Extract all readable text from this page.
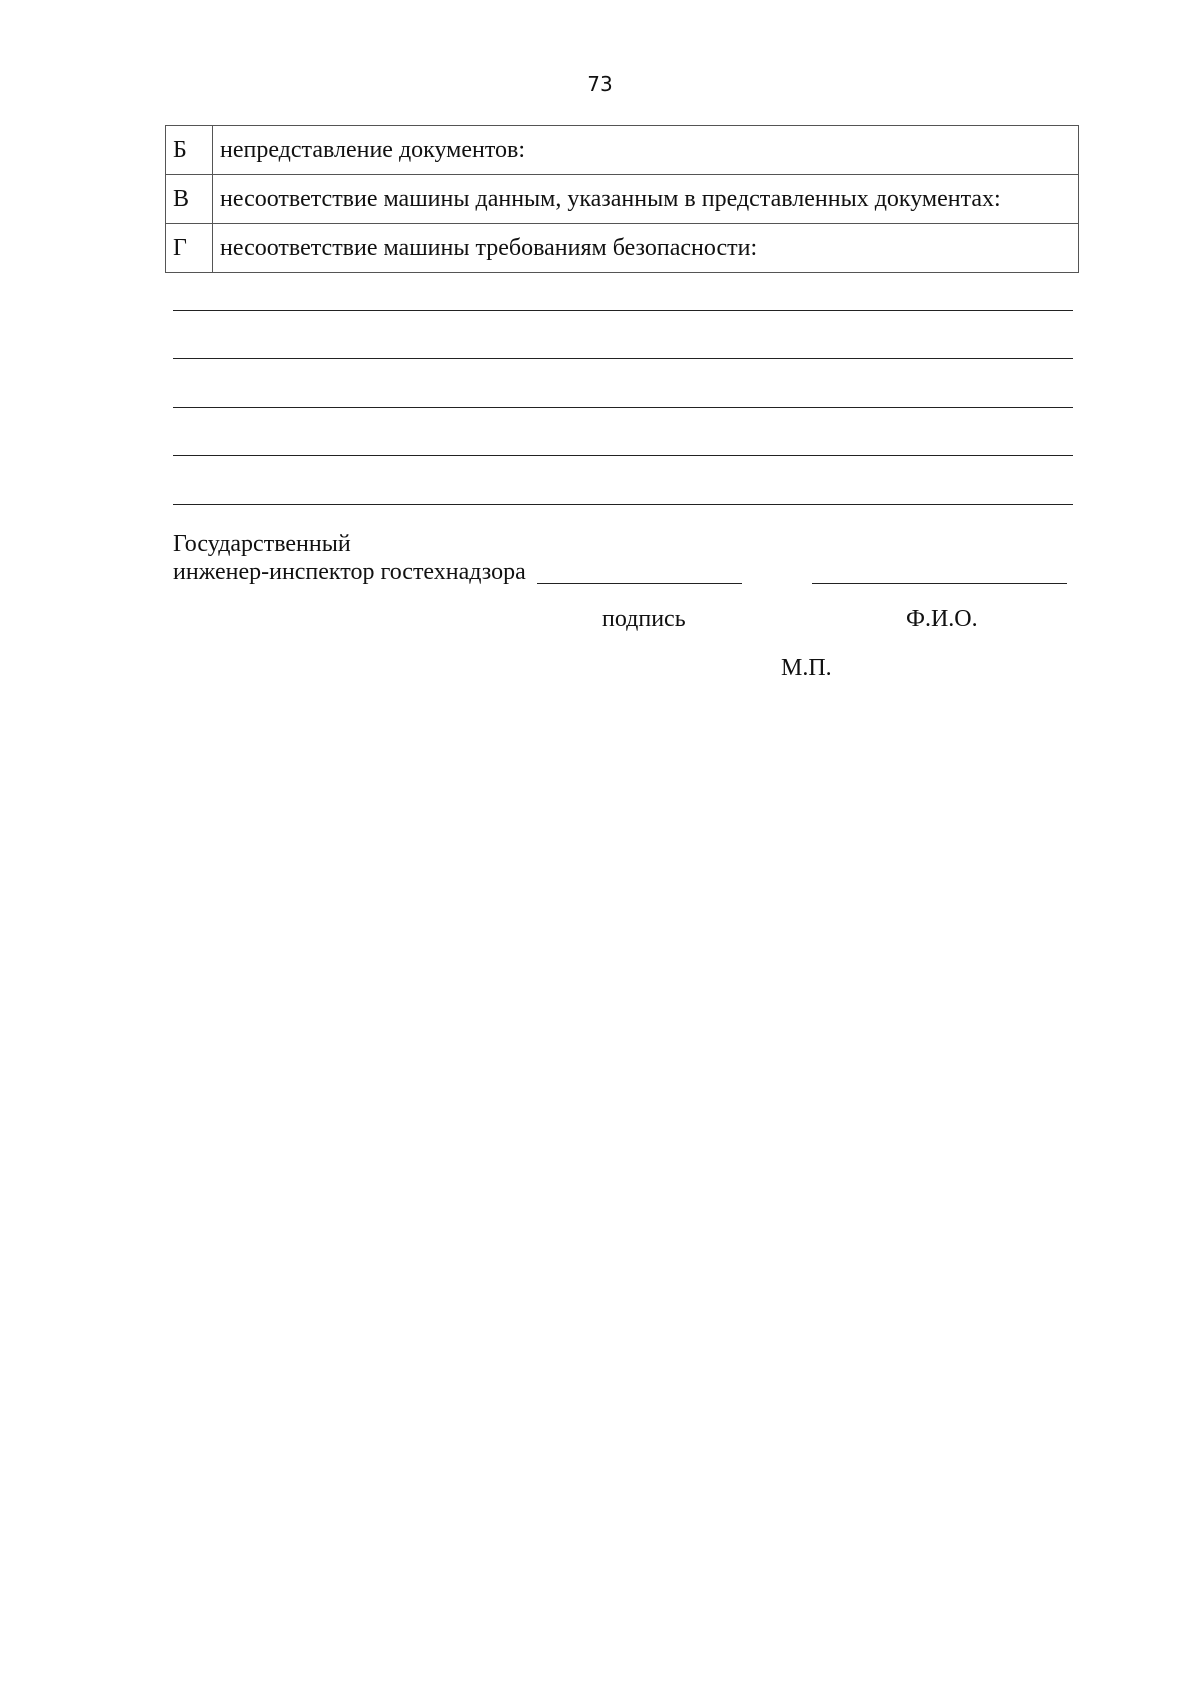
73
Б	непредставление документов:
В	несоответствие машины данным, указанным в представленных документах:
Г	несоответствие машины требованиям безопасности:
Государственный
инженер-инспектор гостехнадзора
подпись	Ф.И.О.
М.П.
